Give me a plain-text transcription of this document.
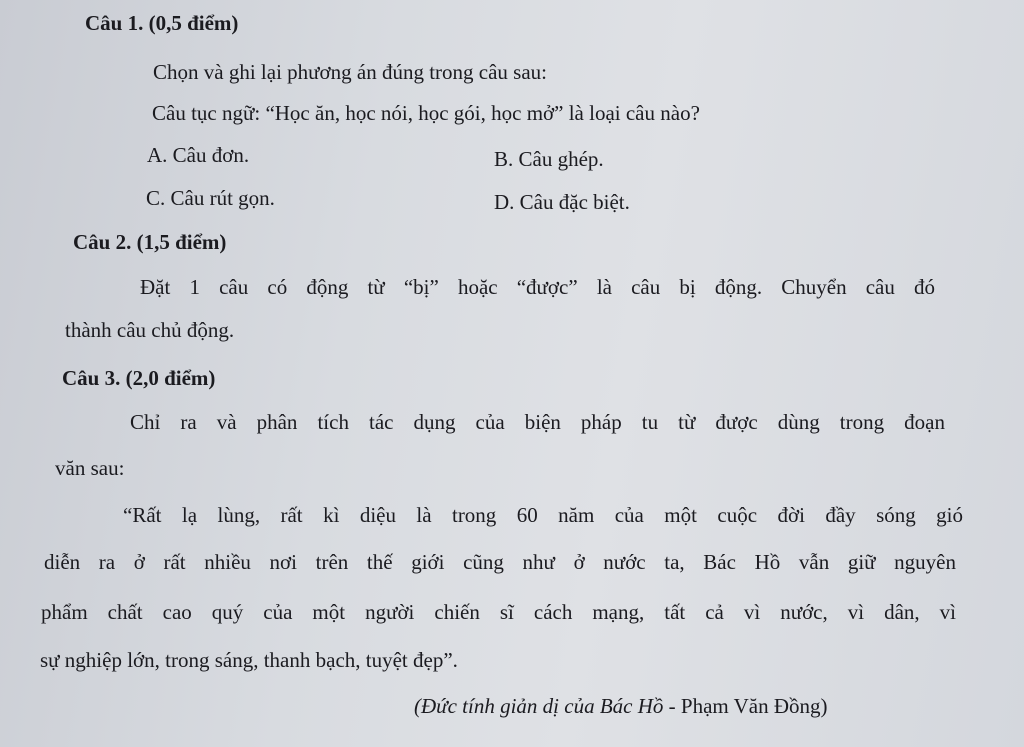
Câu 1. (0,5 điểm)
Chọn và ghi lại phương án đúng trong câu sau:
Câu tục ngữ: “Học ăn, học nói, học gói, học mở” là loại câu nào?
A. Câu đơn.	B. Câu ghép.
C. Câu rút gọn.	D. Câu đặc biệt.
Câu 2. (1,5 điểm)
Đặt 1 câu có động từ “bị” hoặc “được” là câu bị động. Chuyển câu đó
thành câu chủ động.
Câu 3. (2,0 điểm)
Chỉ ra và phân tích tác dụng của biện pháp tu từ được dùng trong đoạn
văn sau:
“Rất lạ lùng, rất kì diệu là trong 60 năm của một cuộc đời đầy sóng gió
diễn ra ở rất nhiều nơi trên thế giới cũng như ở nước ta, Bác Hồ vẫn giữ nguyên
phẩm chất cao quý của một người chiến sĩ cách mạng, tất cả vì nước, vì dân, vì
sự nghiệp lớn, trong sáng, thanh bạch, tuyệt đẹp”.
(Đức tính giản dị của Bác Hồ - Phạm Văn Đồng)
